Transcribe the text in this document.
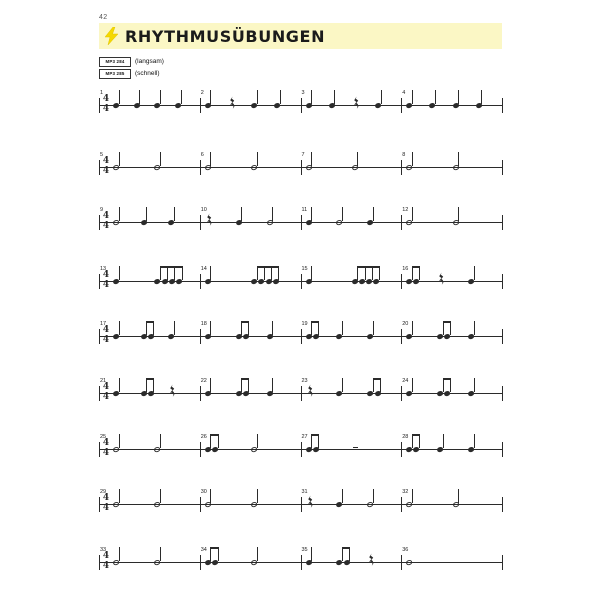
42
RHYTHMUSÜBUNGEN
MP3 284	(langsam)
MP3 285	(schnell)
4
4
1	2	3	4
4
4
5	6	7	8
4
4
9	10	11	12
4
4
13	14	15	16
4
4
17	18	19	20
4
4
21	22	23	24
4
4
25	26	27	28
4
4
29	30	31	32
4
4
33	34	35	36
